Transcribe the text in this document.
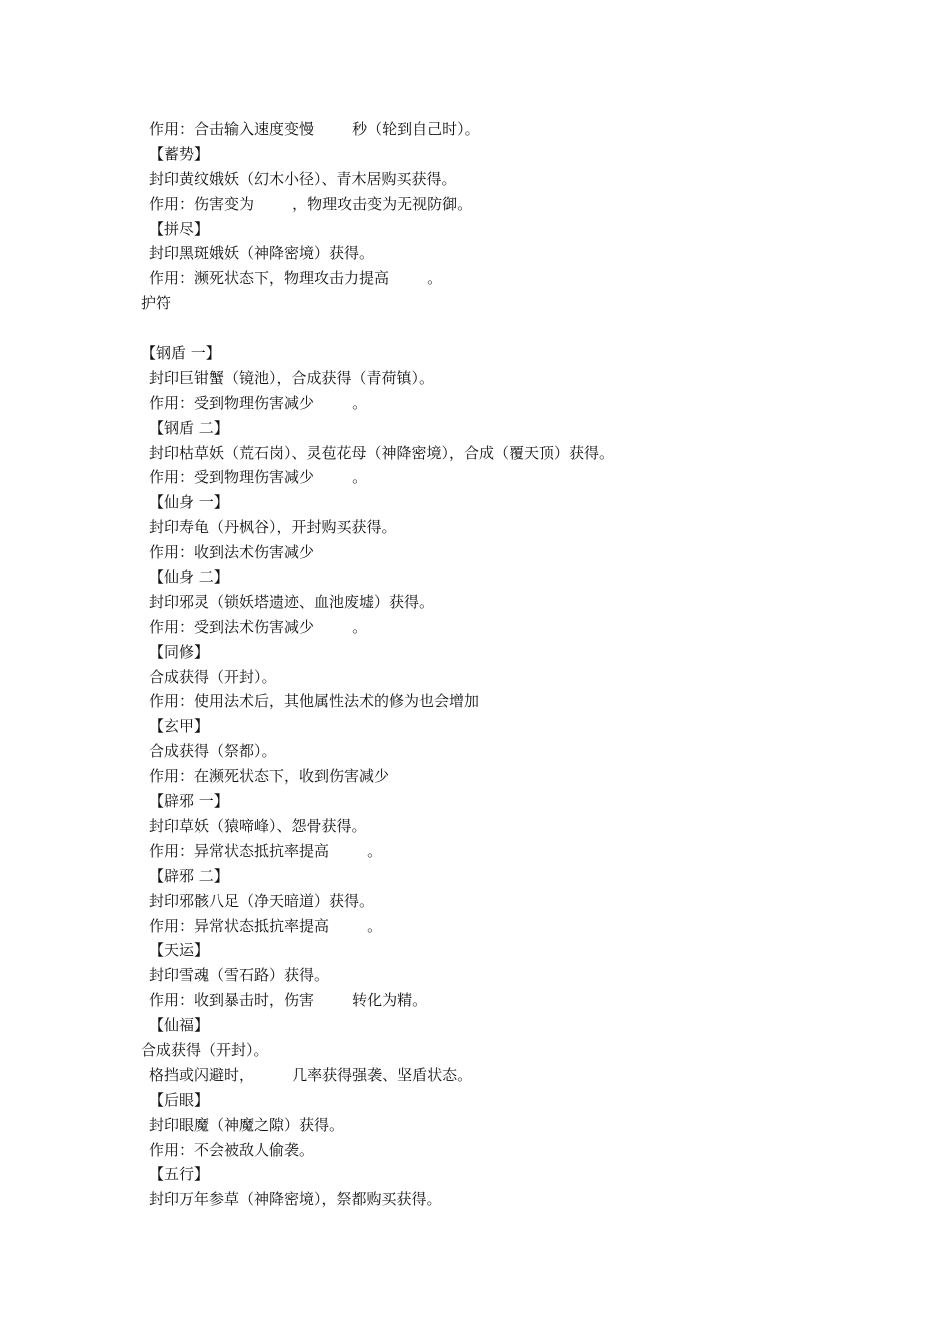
作用：合击输入速度变慢        秒（轮到自己时）。
【蓄势】
封印黄纹娥妖（幻木小径）、青木居购买获得。
作用：伤害变为        ，物理攻击变为无视防御。
【拼尽】
封印黑斑娥妖（神降密境）获得。
作用：濒死状态下，物理攻击力提高        。
护符
【钢盾 一】
封印巨钳蟹（镜池），合成获得（青荷镇）。
作用：受到物理伤害减少        。
【钢盾 二】
封印枯草妖（荒石岗）、灵苞花母（神降密境），合成（覆天顶）获得。
作用：受到物理伤害减少        。
【仙身 一】
封印寿龟（丹枫谷），开封购买获得。
作用：收到法术伤害减少
【仙身 二】
封印邪灵（锁妖塔遗迹、血池废墟）获得。
作用：受到法术伤害减少        。
【同修】
合成获得（开封）。
作用：使用法术后，其他属性法术的修为也会增加
【玄甲】
合成获得（祭都）。
作用：在濒死状态下，收到伤害减少
【辟邪 一】
封印草妖（猿啼峰）、怨骨获得。
作用：异常状态抵抗率提高        。
【辟邪 二】
封印邪骸八足（净天暗道）获得。
作用：异常状态抵抗率提高        。
【天运】
封印雪魂（雪石路）获得。
作用：收到暴击时，伤害        转化为精。
【仙福】
合成获得（开封）。
格挡或闪避时，        几率获得强袭、坚盾状态。
【后眼】
封印眼魔（神魔之隙）获得。
作用：不会被敌人偷袭。
【五行】
封印万年参草（神降密境），祭都购买获得。
